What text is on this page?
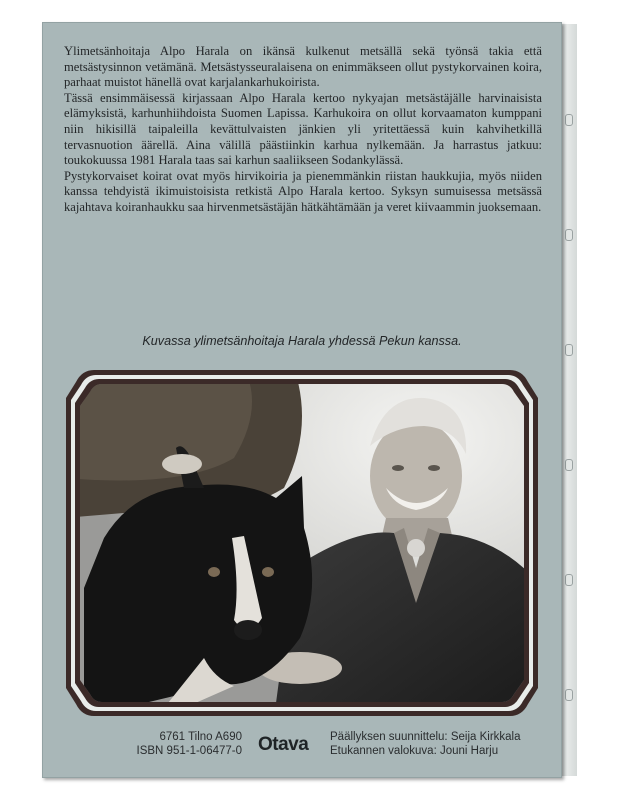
Ylimetsänhoitaja Alpo Harala on ikänsä kulkenut metsällä sekä työnsä takia että metsästysinnon vetämänä. Metsästysseuralaisena on enimmäkseen ollut pystykorvainen koira, parhaat muistot hänellä ovat karjalankarhukoirista.

Tässä ensimmäisessä kirjassaan Alpo Harala kertoo nykyajan metsästäjälle harvinaisista elämyksistä, karhunhiihdoista Suomen Lapissa. Karhukoira on ollut korvaamaton kumppani niin hikisillä taipaleilla kevättulvaisten jänkien yli yritettäessä kuin kahvihetkillä tervasnuotion äärellä. Aina välillä päästiinkin karhua nylkemään. Ja harrastus jatkuu: toukokuussa 1981 Harala taas sai karhun saaliikseen Sodankylässä.

Pystykorvaiset koirat ovat myös hirvikoiria ja pienemmänkin riistan haukkujia, myös niiden kanssa tehdyistä ikimuistoisista retkistä Alpo Harala kertoo. Syksyn sumuisessa metsässä kajahtava koiranhaukku saa hirvenmetsästäjän hätkähtämään ja veret kiivaammin juoksemaan.

Kuvassa ylimetsänhoitaja Harala yhdessä Pekun kanssa.
6761 Tilno A690
ISBN 951-1-06477-0 Otava Päällyksen suunnittelu: Seija Kirkkala
Etukannen valokuva: Jouni Harju
